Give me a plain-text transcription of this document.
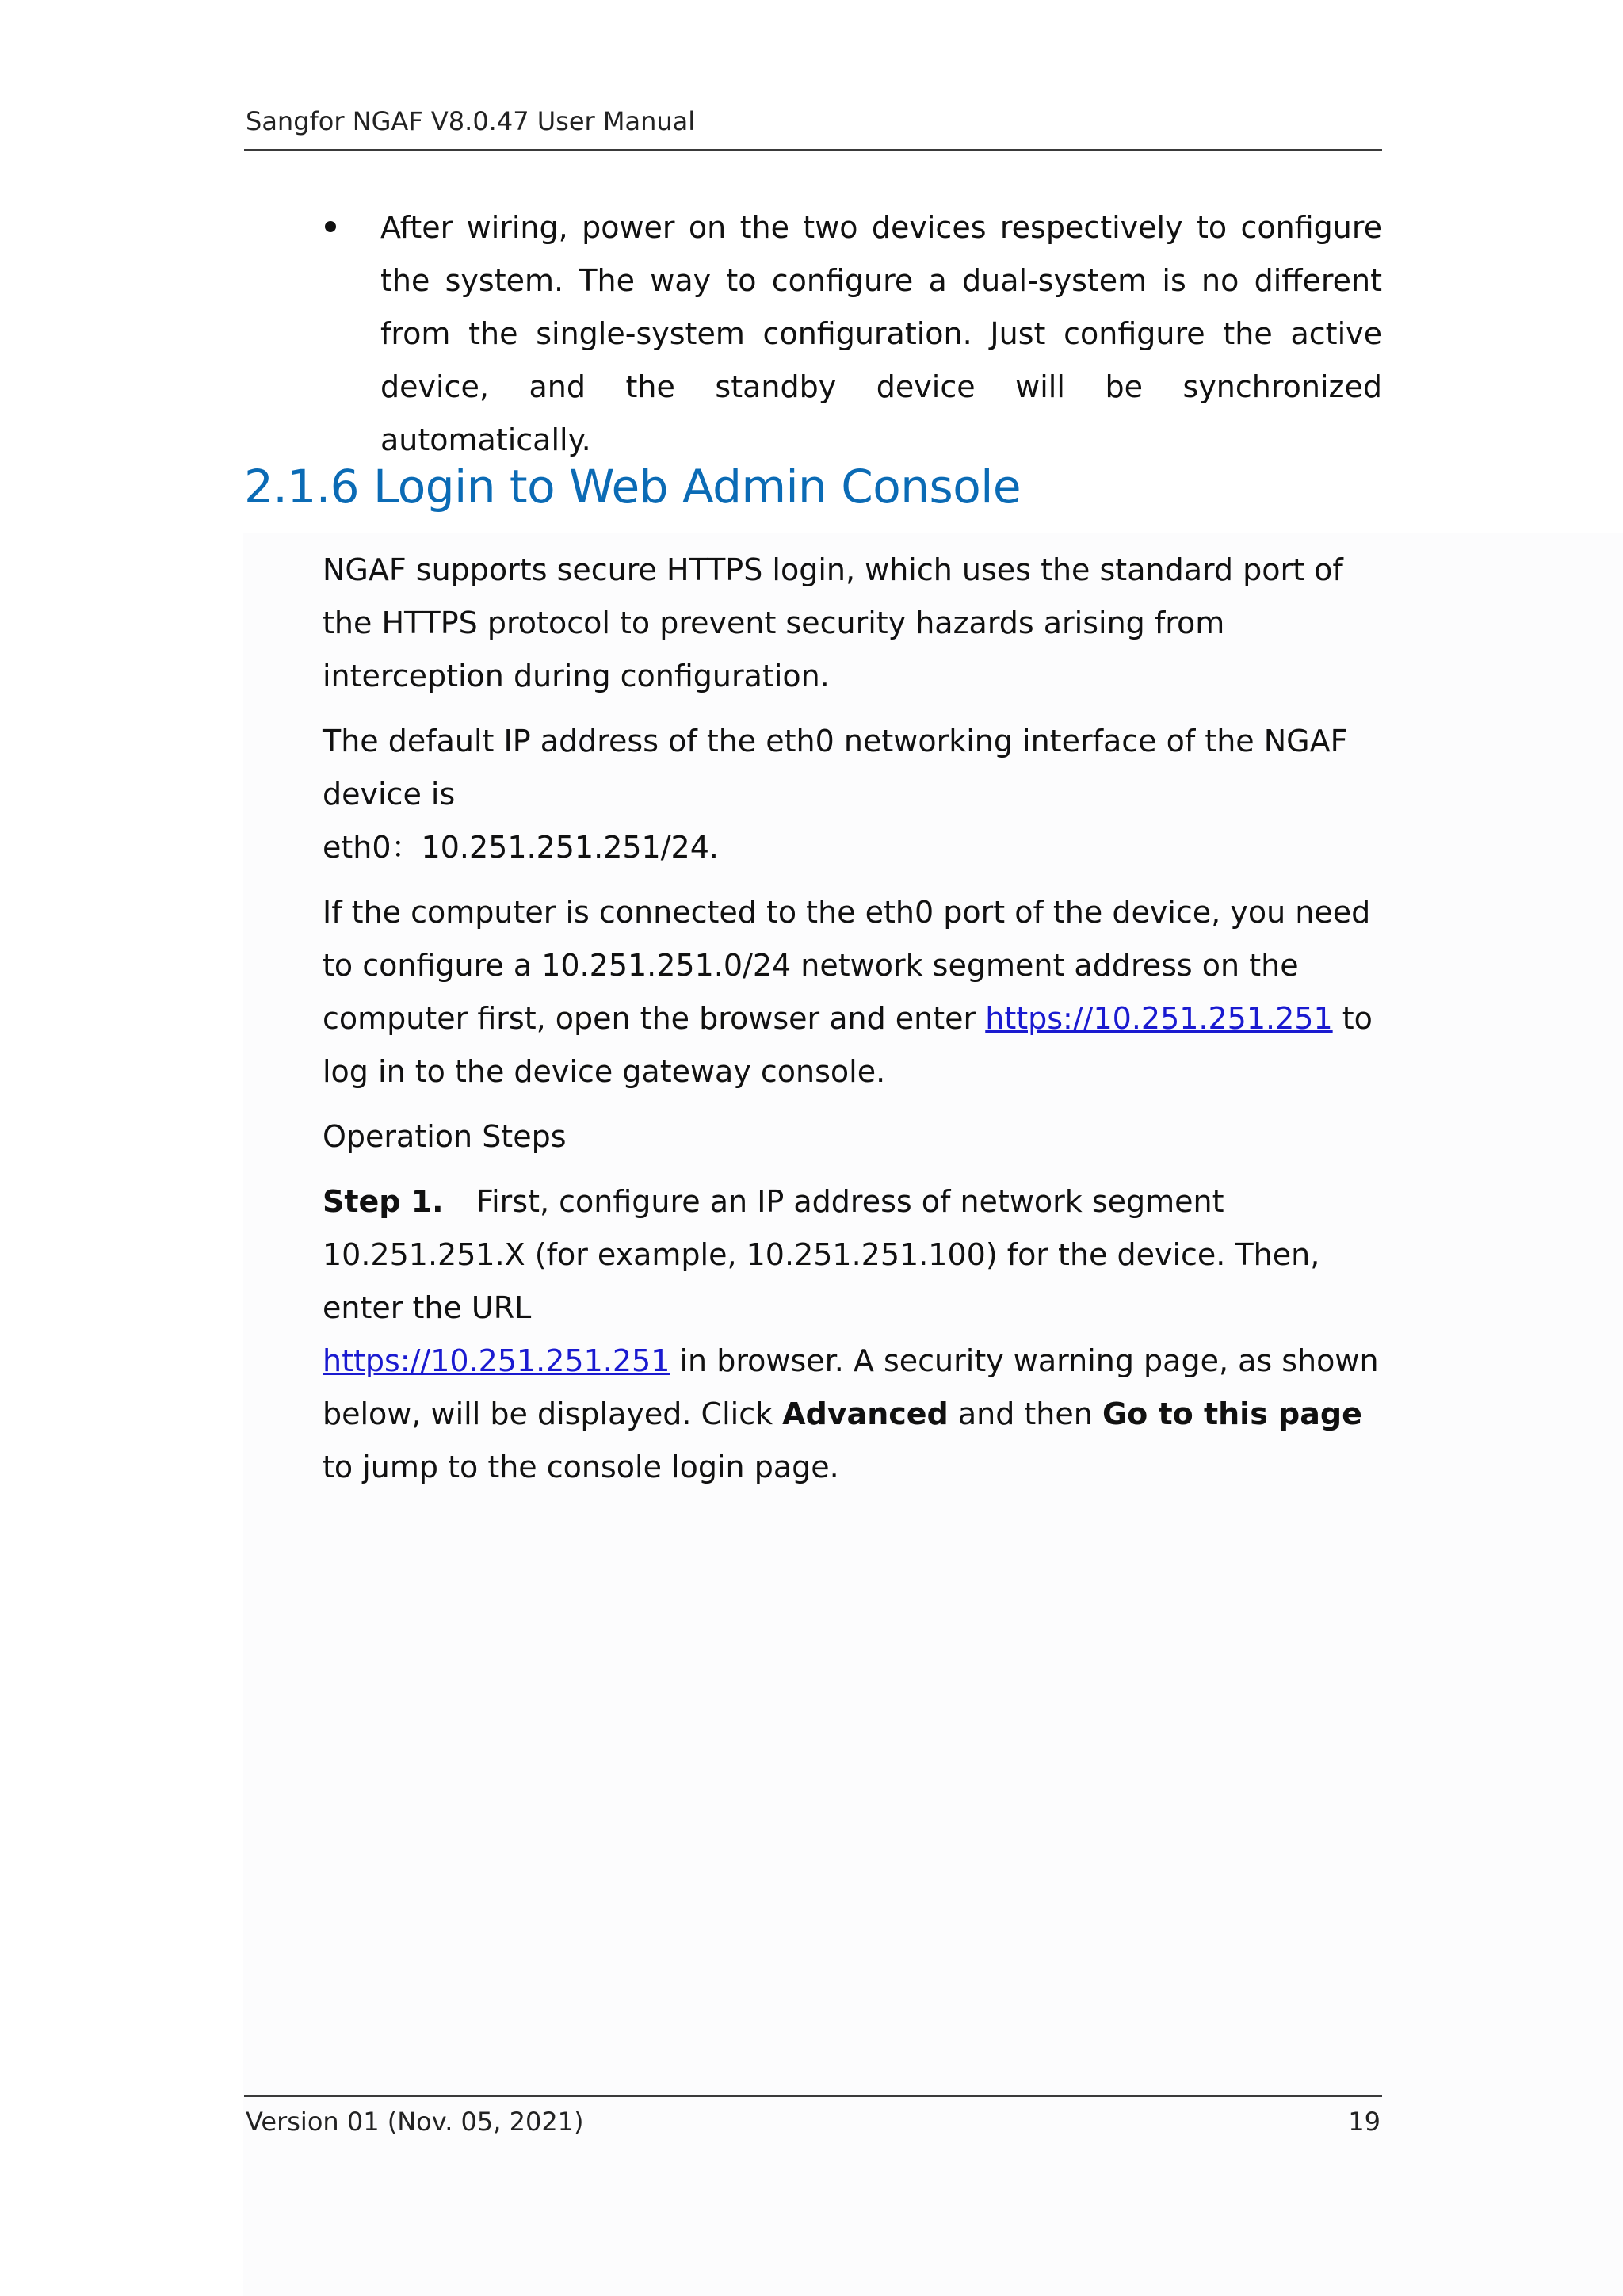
Sangfor NGAF V8.0.47 User Manual
After wiring, power on the two devices respectively to configure the system. The way to configure a dual-system is no different from the single-system configuration. Just configure the active device, and the standby device will be synchronized automatically.
2.1.6 Login to Web Admin Console

NGAF supports secure HTTPS login, which uses the standard port of the HTTPS protocol to prevent security hazards arising from interception during configuration.

The default IP address of the eth0 networking interface of the NGAF device is
eth0：10.251.251.251/24.

If the computer is connected to the eth0 port of the device, you need to configure a 10.251.251.0/24 network segment address on the computer first, open the browser and enter https://10.251.251.251 to log in to the device gateway console.

Operation Steps

Step 1. First, configure an IP address of network segment 10.251.251.X (for example, 10.251.251.100) for the device. Then, enter the URL
https://10.251.251.251 in browser. A security warning page, as shown below, will be displayed. Click Advanced and then Go to this page to jump to the console login page.

Version 01 (Nov. 05, 2021)	19
